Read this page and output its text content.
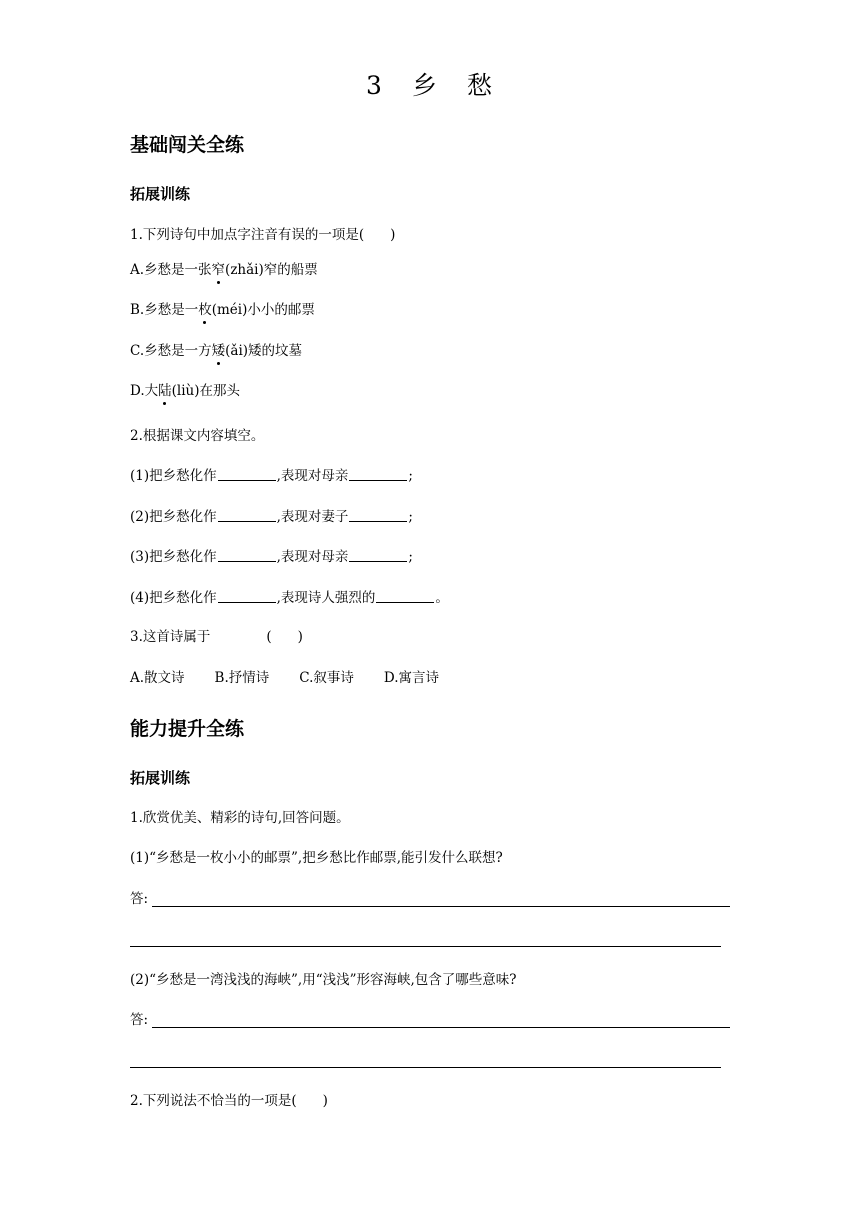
3 乡 愁
基础闯关全练
拓展训练
1.下列诗句中加点字注音有误的一项是( )
A.乡愁是一张窄(zhǎi)窄的船票
B.乡愁是一枚(méi)小小的邮票
C.乡愁是一方矮(ǎi)矮的坟墓
D.大陆(liù)在那头
2.根据课文内容填空。
(1)把乡愁化作	,表现对母亲	;
(2)把乡愁化作	,表现对妻子	;
(3)把乡愁化作	,表现对母亲	;
(4)把乡愁化作	,表现诗人强烈的	。
3.这首诗属于	( )
A.散文诗 B.抒情诗 C.叙事诗 D.寓言诗
能力提升全练
拓展训练
1.欣赏优美、精彩的诗句,回答问题。
(1)“乡愁是一枚小小的邮票”,把乡愁比作邮票,能引发什么联想?
答:
(2)“乡愁是一湾浅浅的海峡”,用“浅浅”形容海峡,包含了哪些意味?
答:
2.下列说法不恰当的一项是( )
